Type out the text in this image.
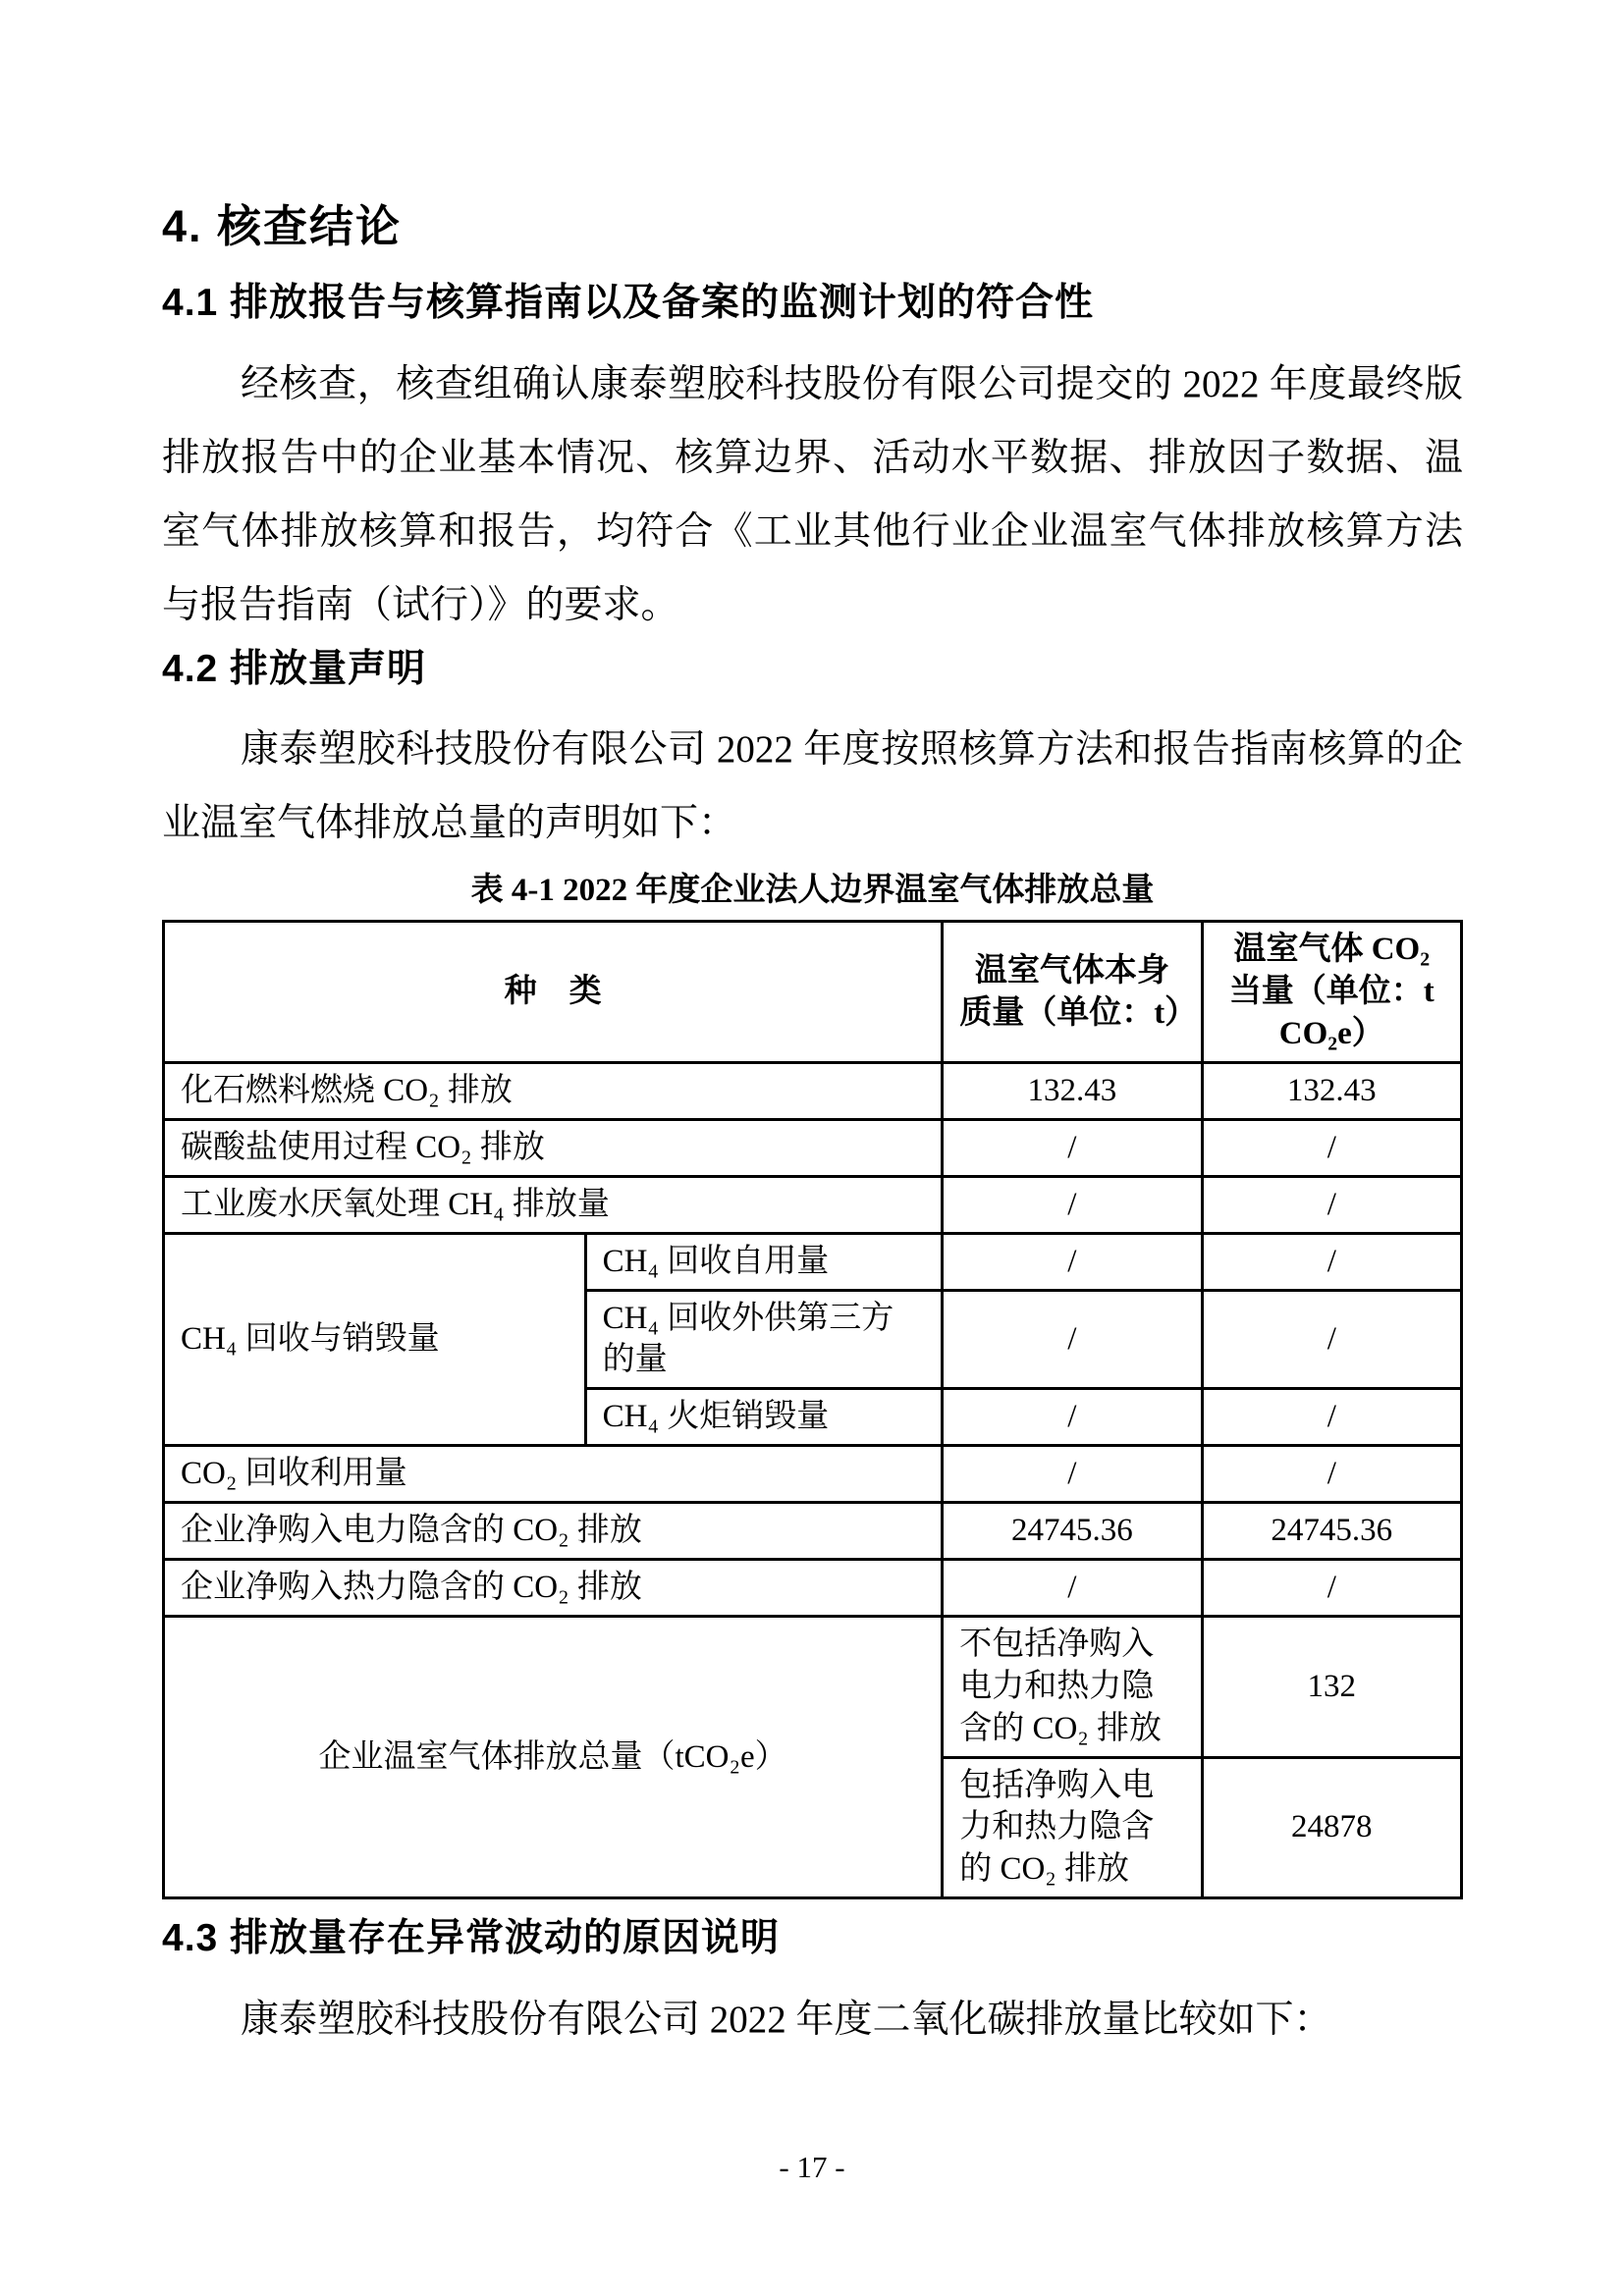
4. 核查结论
4.1 排放报告与核算指南以及备案的监测计划的符合性

经核查，核查组确认康泰塑胶科技股份有限公司提交的 2022 年度最终版排放报告中的企业基本情况、核算边界、活动水平数据、排放因子数据、温室气体排放核算和报告，均符合《工业其他行业企业温室气体排放核算方法与报告指南（试行）》的要求。

4.2 排放量声明

康泰塑胶科技股份有限公司 2022 年度按照核算方法和报告指南核算的企业温室气体排放总量的声明如下：

表 4-1 2022 年度企业法人边界温室气体排放总量
种　类		温室气体本身质量（单位：t）	温室气体 CO₂ 当量（单位：tCO₂e）
化石燃料燃烧 CO₂ 排放		132.43	132.43
碳酸盐使用过程 CO₂ 排放		/	/
工业废水厌氧处理 CH₄ 排放量		/	/
CH₄ 回收与销毁量	CH₄ 回收自用量	/	/
	CH₄ 回收外供第三方的量	/	/
	CH₄ 火炬销毁量	/	/
CO₂ 回收利用量		/	/
企业净购入电力隐含的 CO₂ 排放		24745.36	24745.36
企业净购入热力隐含的 CO₂ 排放		/	/
企业温室气体排放总量（tCO₂e）		不包括净购入电力和热力隐含的 CO₂ 排放	132
		包括净购入电力和热力隐含的 CO₂ 排放	24878
4.3 排放量存在异常波动的原因说明

康泰塑胶科技股份有限公司 2022 年度二氧化碳排放量比较如下：

- 17 -
